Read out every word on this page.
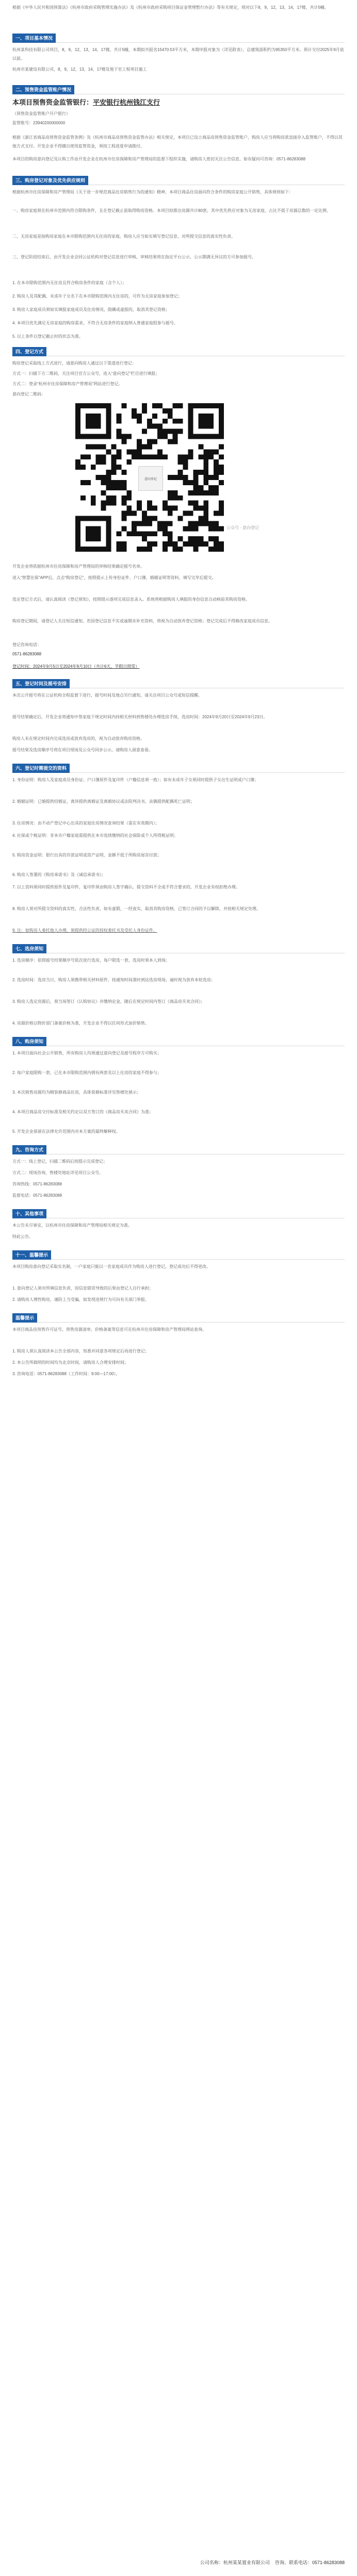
根据《中华人民共和国预算法》《杭州市政府采购管理实施办法》及《杭州市政府采购项目保证金管理暂行办法》等有关规定，现对以下8，9，12，13，14，17楼，共计5幢。

一、项目基本情况

杭州某科技有限公司项目，8，9，12，13，14，17楼，共计5幢，本期拟共报名15470.53平方米，本期申报对象为（详见附表），总建筑面积约为95350平方米。预计交付2025年9月底以前。

杭州市某建设有限公司，8，9，12，13，14，17楼及地下室工程项目施工

二、预售资金监管账户情况
本项目预售资金监管银行：平安银行杭州钱江支行

（预售资金监管账户开户银行）

监管账号：23940200000000

根据《浙江省商品房预售资金监管条例》及《杭州市商品房预售资金监管办法》相关规定，本项目已设立商品房预售资金监管账户，购房人应当将购房款直接存入监管账户，不得以其他方式支付。开发企业不得擅自使用监管资金，须按工程进度申请拨付。

本项目的购房意向登记及认购工作由开发企业在杭州市住房保障和房产管理局的监督下组织实施，请购房人密切关注公告信息，如有疑问可咨询：0571-86283088

三、购房登记对象及优先供应规则

根据杭州市住房保障和房产管理局《关于进一步规范商品住房销售行为的通知》精神，本项目商品住房面向符合条件的购房家庭公开销售，具体规则如下：

一、购房家庭须在杭州市范围内符合限购条件，且在登记截止前取得购房资格。本项目拟推出房源共计80套，其中优先供应对象为无房家庭，占比不低于房源总数的一定比例。

二、无房家庭是指购房家庭在本市限购范围内无住房的家庭。购房人应当如实填写登记信息，对所提交信息的真实性负责。

三、登记阶段结束后，由开发企业会同公证机构对登记信息进行审核，审核结果将在指定平台公示，公示期满无异议的方可参加摇号。

1. 在本市限购范围内无住房且符合购房条件的家庭（含个人）；

2. 购房人及其配偶、未成年子女名下在本市限购范围内无住房的，可作为无房家庭参加登记；

3. 购房人家庭成员须如实填报家庭成员及住房情况，隐瞒或虚报的，取消其登记资格；

4. 本项目优先满足无房家庭的购房需求，不符合无房条件的家庭纳入普通家庭组参与摇号。

5. 以上条件以登记截止时的状态为准。

四、登记方式

购房登记采取线上方式进行，请意向购房人通过以下渠道进行登记：

方式一：扫描下方二维码，关注项目官方公众号，进入“意向登记”栏目进行填报；

方式二：登录“杭州市住房保障和房产管理局”网站进行登记。

意向登记二维码：

意向登记
公众号 · 意向登记

开发企业将依据杭州市住房保障和房产管理局的审核结果确定摇号名单。

进入“智慧住保”APP后，点击“购房登记”，按照提示上传身份证件、户口簿、婚姻证明等资料，填写完毕后提交。

选定登记方式后，请认真阅读《登记须知》，按照提示逐项完成信息录入。系统将根据购房人填报的身份信息自动核验其购房资格。

购房登记期间，请登记人关注短信通知，若因登记信息不实或逾期未补充资料，将视为自动放弃登记资格；登记完成后不得修改家庭成员信息。

登记咨询电话：

0571-86283088

登记时间：2024年9月5日至2024年9月10日（共计6天，节假日照常）

五、登记时间及摇号安排

本次公开摇号将在公证机构全程监督下进行，摇号时间及地点另行通知，请关注项目公众号或短信提醒。

摇号结果确定后，开发企业将通知中签家庭于规定时间内持相关材料到售楼处办理选房手续，选房时间：2024年9月20日至2024年9月23日。

购房人未在规定时间内完成选房或放弃选房的，视为自动放弃购房资格。

摇号结果及选房顺序号将在项目现场及公众号同步公示，请购房人留意查看。

六、登记时需提交的资料

1. 身份证明：购房人及家庭成员身份证、户口簿原件及复印件（户籍信息须一致）；如有未成年子女须同时提供子女出生证明或户口簿；

2. 婚姻证明：已婚提供结婚证，离异提供离婚证及离婚协议或法院判决书，丧偶提供配偶死亡证明；

3. 住房情况：由不动产登记中心出具的家庭住房情况查询结果（需在有效期内）；

4. 社保或个税证明：非本市户籍家庭需提供在本市连续缴纳的社会保险或个人所得税证明；

5. 购房资金证明：银行出具的存款证明或资产证明，金额不低于所购房屋首付款；

6. 购房人签署的《购房承诺书》及《诚信承诺书》；

7. 以上资料须同时提供原件及复印件，复印件须由购房人签字确认。提交资料不全或不符合要求的，开发企业有权拒绝办理。

8. 购房人须对所提交资料的真实性、合法性负责，如有虚假，一经查实，取消其购房资格，已签订合同的予以解除，并按相关规定处理。

9. 注：如购房人委托他人办理，须提供经公证的授权委托书及受托人身份证件。

七、选房须知

1. 选房顺序：依照摇号结果顺序号依次进行选房，每户限选一套，选房时须本人到场；

2. 选房时间：选房当日，购房人须携带相关材料原件，按通知时间准时到达选房现场，逾时视为放弃本轮选房；

3. 购房人选定房源后，须当场签订《认购协议》并缴纳定金，随后在规定时间内签订《商品房买卖合同》；

4. 房源价格以物价部门备案价格为准，开发企业不得以任何形式加价销售。

八、购房须知

1. 本项目面向社会公开销售，所有购房人均须通过意向登记及摇号程序方可购买；

2. 每户家庭限购一套，已在本市限购范围内拥有两套及以上住房的家庭不得参与；

3. 本次销售房源均为精装修商品住房，具体装修标准详见售楼处展示；

4. 本项目商品房交付标准及相关约定以双方签订的《商品房买卖合同》为准；

5. 开发企业保留在法律允许范围内对本方案的最终解释权。

九、咨询方式

方式一：线上登记，扫描二维码后按提示完成登记；

方式二：现场咨询，售楼处地址详见项目公众号。

咨询热线：0571-86283088

监督电话：0571-86283088

十、其他事项

本公告未尽事宜，以杭州市住房保障和房产管理局相关规定为准。

特此公告。

十一、温馨提示

本项目购房意向登记采取实名制，一户家庭只能以一名家庭成员作为购房人进行登记，登记成功后不得更改。

1. 意向登记人须对所填信息负责，因信息错误导致的后果由登记人自行承担；

2. 请购房人理性购房，谨防上当受骗，如发现违规行为可向有关部门举报。

温馨提示

本项目商品房预售许可证号、预售房源清单、价格备案等信息可在杭州市住房保障和房产管理局网站查询。

1. 购房人须认真阅读本公告全部内容，知悉并同意各项规定后再进行登记；

2. 本公告所载明的时间均为北京时间，请购房人合理安排时间；

3. 咨询电话：0571-86283088（工作时间：9:00—17:00）。

公司名称：杭州某某置业有限公司 咨询、联系电话：0571-86283088
